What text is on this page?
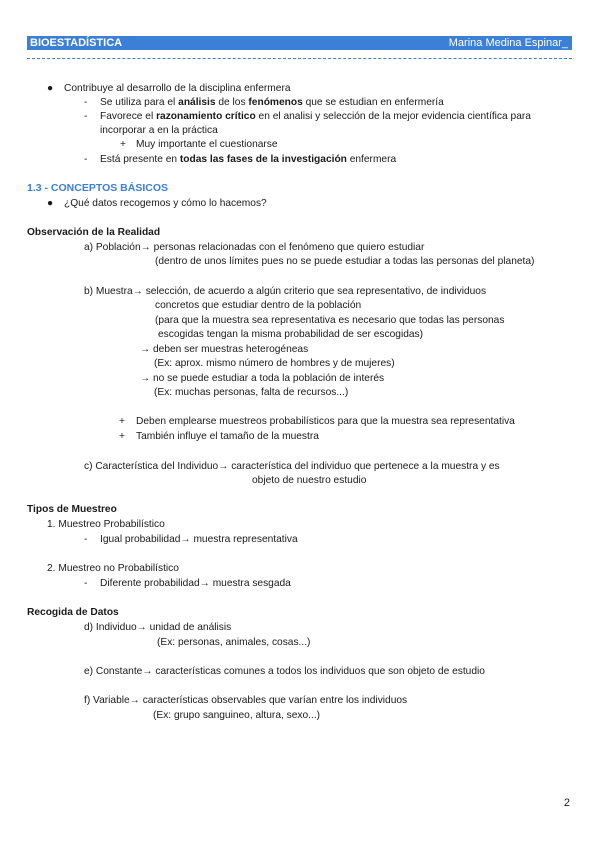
BIOESTADÍSTICA	Marina Medina Espinar_
● Contribuye al desarrollo de la disciplina enfermera
- Se utiliza para el análisis de los fenómenos que se estudian en enfermería
- Favorece el razonamiento crítico en el analisi y selección de la mejor evidencia científica para
incorporar a en la práctica
+ Muy importante el cuestionarse
- Está presente en todas las fases de la investigación enfermera
1.3 - CONCEPTOS BÁSICOS
● ¿Qué datos recogemos y cómo lo hacemos?
Observación de la Realidad
a) Población→ personas relacionadas con el fenómeno que quiero estudiar
(dentro de unos límites pues no se puede estudiar a todas las personas del planeta)
b) Muestra→ selección, de acuerdo a algún criterio que sea representativo, de individuos
concretos que estudiar dentro de la población
(para que la muestra sea representativa es necesario que todas las personas
escogidas tengan la misma probabilidad de ser escogidas)
→ deben ser muestras heterogéneas
(Ex: aprox. mismo número de hombres y de mujeres)
→ no se puede estudiar a toda la población de interés
(Ex: muchas personas, falta de recursos...)
+ Deben emplearse muestreos probabilísticos para que la muestra sea representativa
+ También influye el tamaño de la muestra
c) Característica del Individuo→ característica del individuo que pertenece a la muestra y es
objeto de nuestro estudio
Tipos de Muestreo
1. Muestreo Probabilístico
- Igual probabilidad→ muestra representativa
2. Muestreo no Probabilístico
- Diferente probabilidad→ muestra sesgada
Recogida de Datos
d) Individuo→ unidad de análisis
(Ex: personas, animales, cosas...)
e) Constante→ características comunes a todos los individuos que son objeto de estudio
f) Variable→ características observables que varían entre los individuos
(Ex: grupo sanguineo, altura, sexo...)
2
